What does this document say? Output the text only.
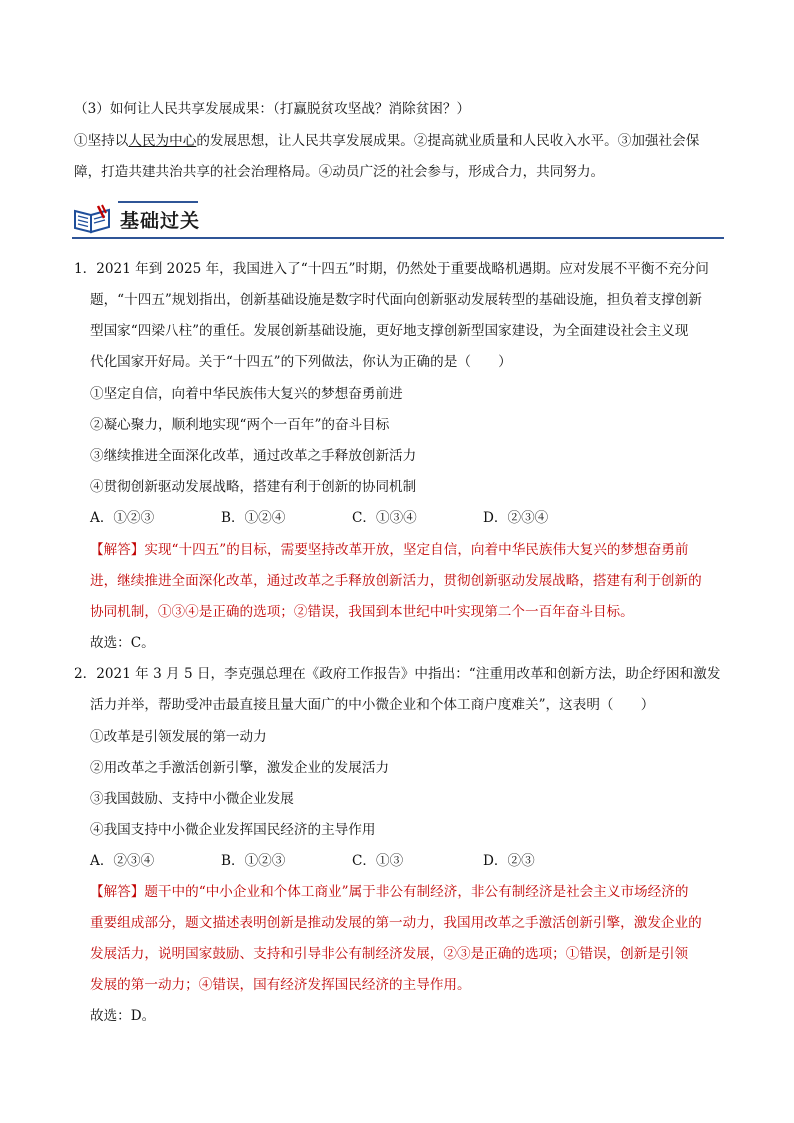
（3）如何让人民共享发展成果：（打赢脱贫攻坚战？消除贫困？）
①坚持以人民为中心的发展思想，让人民共享发展成果。②提高就业质量和人民收入水平。③加强社会保
障，打造共建共治共享的社会治理格局。④动员广泛的社会参与，形成合力，共同努力。
基础过关
1．2021 年到 2025 年，我国进入了“十四五”时期，仍然处于重要战略机遇期。应对发展不平衡不充分问
题，“十四五”规划指出，创新基础设施是数字时代面向创新驱动发展转型的基础设施，担负着支撑创新
型国家“四梁八柱”的重任。发展创新基础设施，更好地支撑创新型国家建设，为全面建设社会主义现
代化国家开好局。关于“十四五”的下列做法，你认为正确的是（　　）
①坚定自信，向着中华民族伟大复兴的梦想奋勇前进
②凝心聚力，顺利地实现“两个一百年”的奋斗目标
③继续推进全面深化改革，通过改革之手释放创新活力
④贯彻创新驱动发展战略，搭建有利于创新的协同机制
A．①②③	B．①②④	C．①③④	D．②③④
【解答】实现“十四五”的目标，需要坚持改革开放，坚定自信，向着中华民族伟大复兴的梦想奋勇前
进，继续推进全面深化改革，通过改革之手释放创新活力，贯彻创新驱动发展战略，搭建有利于创新的
协同机制，①③④是正确的选项；②错误，我国到本世纪中叶实现第二个一百年奋斗目标。
故选：C。
2．2021 年 3 月 5 日，李克强总理在《政府工作报告》中指出：“注重用改革和创新方法，助企纾困和激发
活力并举，帮助受冲击最直接且量大面广的中小微企业和个体工商户度难关”，这表明（　　）
①改革是引领发展的第一动力
②用改革之手激活创新引擎，激发企业的发展活力
③我国鼓励、支持中小微企业发展
④我国支持中小微企业发挥国民经济的主导作用
A．②③④	B．①②③	C．①③	D．②③
【解答】题干中的“中小企业和个体工商业”属于非公有制经济，非公有制经济是社会主义市场经济的
重要组成部分，题文描述表明创新是推动发展的第一动力，我国用改革之手激活创新引擎，激发企业的
发展活力，说明国家鼓励、支持和引导非公有制经济发展，②③是正确的选项；①错误，创新是引领
发展的第一动力；④错误，国有经济发挥国民经济的主导作用。
故选：D。
